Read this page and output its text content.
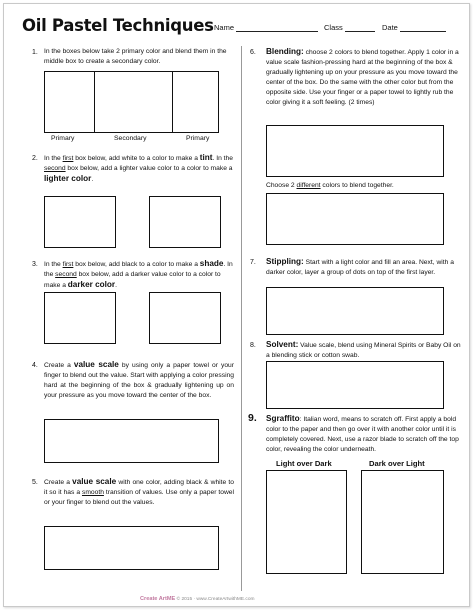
Oil Pastel Techniques Name	Class	Date
1. In the boxes below take 2 primary color and blend them in the middle box to create a secondary color.
Primary	Secondary	Primary
2. In the first box below, add white to a color to make a tint. In the second box below, add a lighter value color to a color to make a lighter color.
3. In the first box below, add black to a color to make a shade. In the second box below, add a darker value color to a color to make a darker color.
4. Create a value scale by using only a paper towel or your finger to blend out the value. Start with applying a color pressing hard at the beginning of the box & gradually lightening up on your pressure as you move toward the center of the box.
5. Create a value scale with one color, adding black & white to it so it has a smooth transition of values. Use only a paper towel or your finger to blend out the values.
6. Blending: choose 2 colors to blend together. Apply 1 color in a value scale fashion-pressing hard at the beginning of the box & gradually lightening up on your pressure as you move toward the center of the box. Do the same with the other color but from the opposite side. Use your finger or a paper towel to lightly rub the color giving it a soft feeling. (2 times)
Choose 2 different colors to blend together.
7. Stippling: Start with a light color and fill an area. Next, with a darker color, layer a group of dots on top of the first layer.
8. Solvent: Value scale, blend using Mineral Spirits or Baby Oil on a blending stick or cotton swab.
9. Sgraffito: Italian word, means to scratch off. First apply a bold color to the paper and then go over it with another color until it is completely covered. Next, use a razor blade to scratch off the top color, revealing the color underneath.
Light over Dark	Dark over Light
Create ArtME © 2015 · www.CreateArtwithME.com
